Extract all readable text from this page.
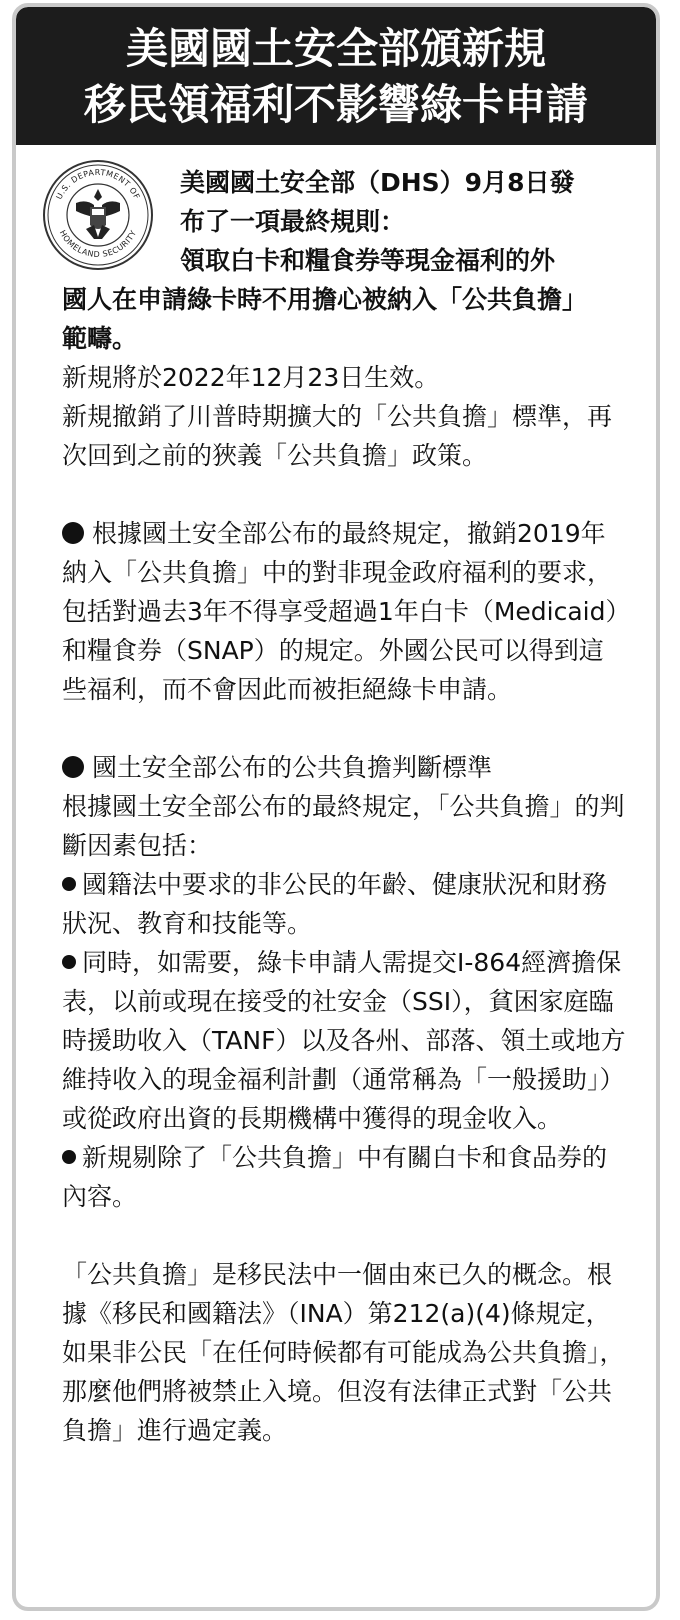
美國國土安全部頒新規
移民領福利不影響綠卡申請
U.S. DEPARTMENT OF
HOMELAND SECURITY

美國國土安全部（DHS）9月8日發

布了一項最終規則：

領取白卡和糧食券等現金福利的外

國人在申請綠卡時不用擔心被納入「公共負擔」

範疇。

新規將於2022年12月23日生效。

新規撤銷了川普時期擴大的「公共負擔」標準，再次回到之前的狹義「公共負擔」政策。

根據國土安全部公布的最終規定，撤銷2019年納入「公共負擔」中的對非現金政府福利的要求，包括對過去3年不得享受超過1年白卡（Medicaid）和糧食券（SNAP）的規定。外國公民可以得到這些福利，而不會因此而被拒絕綠卡申請。

國土安全部公布的公共負擔判斷標準

根據國土安全部公布的最終規定，「公共負擔」的判斷因素包括：

國籍法中要求的非公民的年齡、健康狀況和財務狀況、教育和技能等。

同時，如需要，綠卡申請人需提交I-864經濟擔保表，以前或現在接受的社安金（SSI），貧困家庭臨時援助收入（TANF）以及各州、部落、領土或地方維持收入的現金福利計劃（通常稱為「一般援助」）或從政府出資的長期機構中獲得的現金收入。

新規剔除了「公共負擔」中有關白卡和食品券的內容。

「公共負擔」是移民法中一個由來已久的概念。根據《移民和國籍法》（INA）第212(a)(4)條規定，如果非公民「在任何時候都有可能成為公共負擔」，那麼他們將被禁止入境。但沒有法律正式對「公共負擔」進行過定義。
